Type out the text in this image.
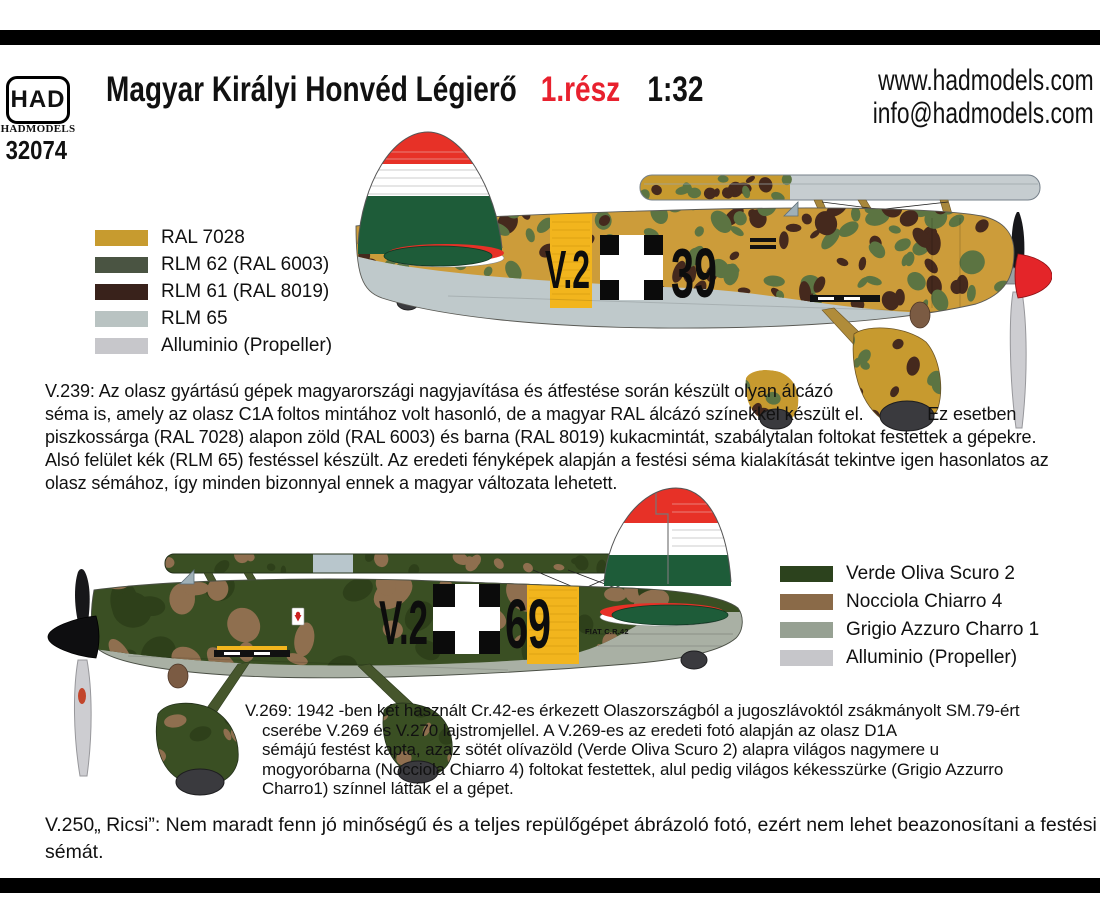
HAD
HADMODELS
32074
Magyar Királyi Honvéd Légierő 1.rész 1:32	www.hadmodels.com
info@hadmodels.com
RAL 7028
RLM 62 (RAL 6003)
RLM 61 (RAL 8019)
RLM 65
Alluminio (Propeller)
Verde Oliva Scuro 2
Nocciola Chiarro 4
Grigio Azzuro Charro 1
Alluminio (Propeller)
V.2 39
V.239: Az olasz gyártású gépek magyarországi nagyjavítása és átfestése során készült olyan álcázó
séma is, amely az olasz C1A foltos mintához volt hasonló, de a magyar RAL álcázó színekkel készült el.             Ez esetben
piszkossárga (RAL 7028) alapon zöld (RAL 6003) és barna (RAL 8019) kukacmintát, szabálytalan foltokat festettek a gépekre.
Alsó felület kék (RLM 65) festéssel készült. Az eredeti fényképek alapján a festési séma kialakítását tekintve igen hasonlatos az
olasz sémához, így minden bizonnyal ennek a magyar változata lehetett.
V.2 69	FIAT C.R.42
V.269: 1942 -ben két használt Cr.42-es érkezett Olaszországból a jugoszlávoktól zsákmányolt SM.79-ért
cserébe V.269 és V.270 lajstromjellel. A V.269-es az eredeti fotó alapján az olasz D1A
sémájú festést kapta, azaz sötét olívazöld (Verde Oliva Scuro 2) alapra világos nagymere u
mogyoróbarna (Nocciola Chiarro 4) foltokat festettek, alul pedig világos kékesszürke (Grigio Azzurro
Charro1) színnel látták el a gépet.
V.250„ Ricsi”: Nem maradt fenn jó minőségű és a teljes repülőgépet ábrázoló fotó, ezért nem lehet beazonosítani a festési
sémát.
